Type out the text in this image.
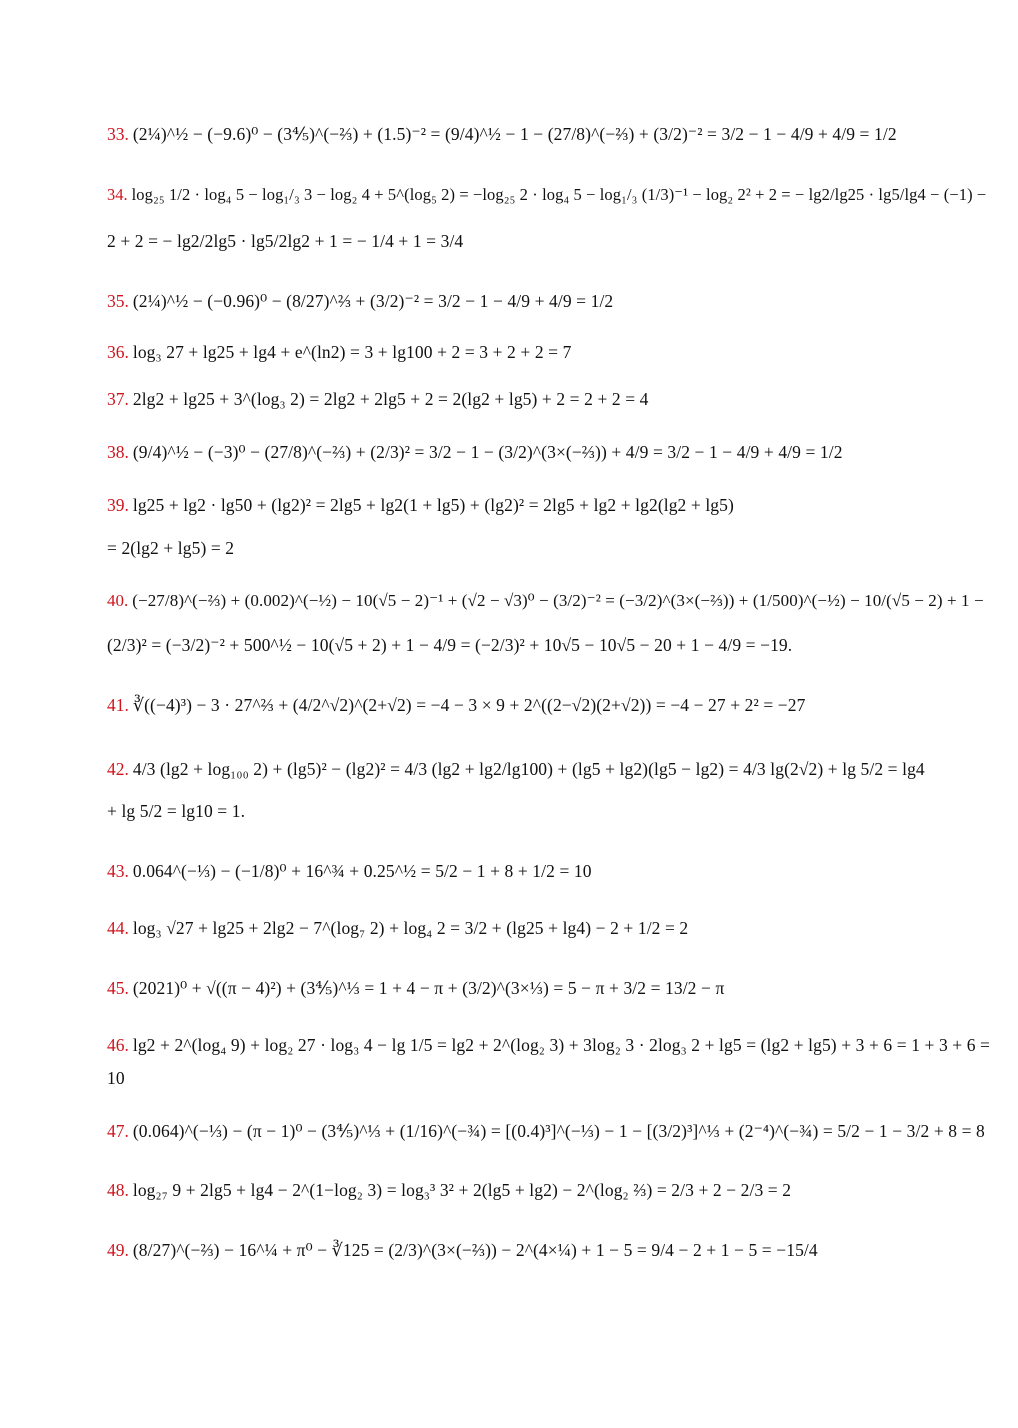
33. (2¼)^½ − (−9.6)⁰ − (3⅘)^(−⅔) + (1.5)⁻² = (9/4)^½ − 1 − (27/8)^(−⅔) + (3/2)⁻² = 3/2 − 1 − 4/9 + 4/9 = 1/2
34. log₂₅ 1/2 · log₄ 5 − log₁/₃ 3 − log₂ 4 + 5^(log₅ 2) = −log₂₅ 2 · log₄ 5 − log₁/₃ (1/3)⁻¹ − log₂ 2² + 2 = − lg2/lg25 · lg5/lg4 − (−1) −
2 + 2 = − lg2/2lg5 · lg5/2lg2 + 1 = − 1/4 + 1 = 3/4
35. (2¼)^½ − (−0.96)⁰ − (8/27)^⅔ + (3/2)⁻² = 3/2 − 1 − 4/9 + 4/9 = 1/2
36. log₃ 27 + lg25 + lg4 + e^(ln2) = 3 + lg100 + 2 = 3 + 2 + 2 = 7
37. 2lg2 + lg25 + 3^(log₃ 2) = 2lg2 + 2lg5 + 2 = 2(lg2 + lg5) + 2 = 2 + 2 = 4
38. (9/4)^½ − (−3)⁰ − (27/8)^(−⅔) + (2/3)² = 3/2 − 1 − (3/2)^(3×(−⅔)) + 4/9 = 3/2 − 1 − 4/9 + 4/9 = 1/2
39. lg25 + lg2 · lg50 + (lg2)² = 2lg5 + lg2(1 + lg5) + (lg2)² = 2lg5 + lg2 + lg2(lg2 + lg5)
= 2(lg2 + lg5) = 2
40. (−27/8)^(−⅔) + (0.002)^(−½) − 10(√5 − 2)⁻¹ + (√2 − √3)⁰ − (3/2)⁻² = (−3/2)^(3×(−⅔)) + (1/500)^(−½) − 10/(√5 − 2) + 1 −
(2/3)² = (−3/2)⁻² + 500^½ − 10(√5 + 2) + 1 − 4/9 = (−2/3)² + 10√5 − 10√5 − 20 + 1 − 4/9 = −19.
41. ∛((−4)³) − 3 · 27^⅔ + (4/2^√2)^(2+√2) = −4 − 3 × 9 + 2^((2−√2)(2+√2)) = −4 − 27 + 2² = −27
42. 4/3 (lg2 + log₁₀₀ 2) + (lg5)² − (lg2)² = 4/3 (lg2 + lg2/lg100) + (lg5 + lg2)(lg5 − lg2) = 4/3 lg(2√2) + lg 5/2 = lg4
+ lg 5/2 = lg10 = 1.
43. 0.064^(−⅓) − (−1/8)⁰ + 16^¾ + 0.25^½ = 5/2 − 1 + 8 + 1/2 = 10
44. log₃ √27 + lg25 + 2lg2 − 7^(log₇ 2) + log₄ 2 = 3/2 + (lg25 + lg4) − 2 + 1/2 = 2
45. (2021)⁰ + √((π − 4)²) + (3⅘)^⅓ = 1 + 4 − π + (3/2)^(3×⅓) = 5 − π + 3/2 = 13/2 − π
46. lg2 + 2^(log₄ 9) + log₂ 27 · log₃ 4 − lg 1/5 = lg2 + 2^(log₂ 3) + 3log₂ 3 · 2log₃ 2 + lg5 = (lg2 + lg5) + 3 + 6 = 1 + 3 + 6 =
10
47. (0.064)^(−⅓) − (π − 1)⁰ − (3⅘)^⅓ + (1/16)^(−¾) = [(0.4)³]^(−⅓) − 1 − [(3/2)³]^⅓ + (2⁻⁴)^(−¾) = 5/2 − 1 − 3/2 + 8 = 8
48. log₂₇ 9 + 2lg5 + lg4 − 2^(1−log₂ 3) = log₃³ 3² + 2(lg5 + lg2) − 2^(log₂ ⅔) = 2/3 + 2 − 2/3 = 2
49. (8/27)^(−⅔) − 16^¼ + π⁰ − ∛125 = (2/3)^(3×(−⅔)) − 2^(4×¼) + 1 − 5 = 9/4 − 2 + 1 − 5 = −15/4
